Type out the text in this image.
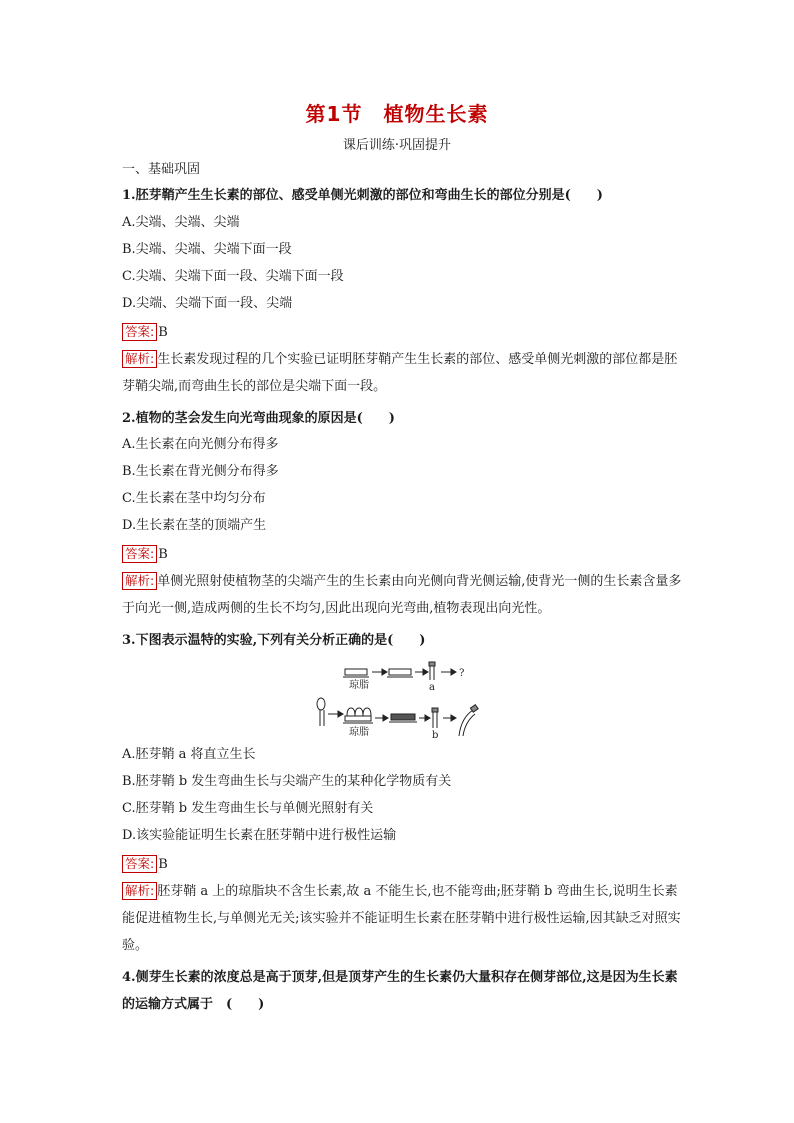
第1节　植物生长素
课后训练·巩固提升
一、基础巩固
1.胚芽鞘产生生长素的部位、感受单侧光刺激的部位和弯曲生长的部位分别是(　　)
A.尖端、尖端、尖端
B.尖端、尖端、尖端下面一段
C.尖端、尖端下面一段、尖端下面一段
D.尖端、尖端下面一段、尖端
答案: B
解析: 生长素发现过程的几个实验已证明胚芽鞘产生生长素的部位、感受单侧光刺激的部位都是胚芽鞘尖端,而弯曲生长的部位是尖端下面一段。
2.植物的茎会发生向光弯曲现象的原因是(　　)
A.生长素在向光侧分布得多
B.生长素在背光侧分布得多
C.生长素在茎中均匀分布
D.生长素在茎的顶端产生
答案: B
解析: 单侧光照射使植物茎的尖端产生的生长素由向光侧向背光侧运输,使背光一侧的生长素含量多于向光一侧,造成两侧的生长不均匀,因此出现向光弯曲,植物表现出向光性。
3.下图表示温特的实验,下列有关分析正确的是(　　)
琼脂
琼脂
a
b
?
A.胚芽鞘 a 将直立生长
B.胚芽鞘 b 发生弯曲生长与尖端产生的某种化学物质有关
C.胚芽鞘 b 发生弯曲生长与单侧光照射有关
D.该实验能证明生长素在胚芽鞘中进行极性运输
答案: B
解析: 胚芽鞘 a 上的琼脂块不含生长素,故 a 不能生长,也不能弯曲;胚芽鞘 b 弯曲生长,说明生长素能促进植物生长,与单侧光无关;该实验并不能证明生长素在胚芽鞘中进行极性运输,因其缺乏对照实验。
4.侧芽生长素的浓度总是高于顶芽,但是顶芽产生的生长素仍大量积存在侧芽部位,这是因为生长素的运输方式属于　(　　)
